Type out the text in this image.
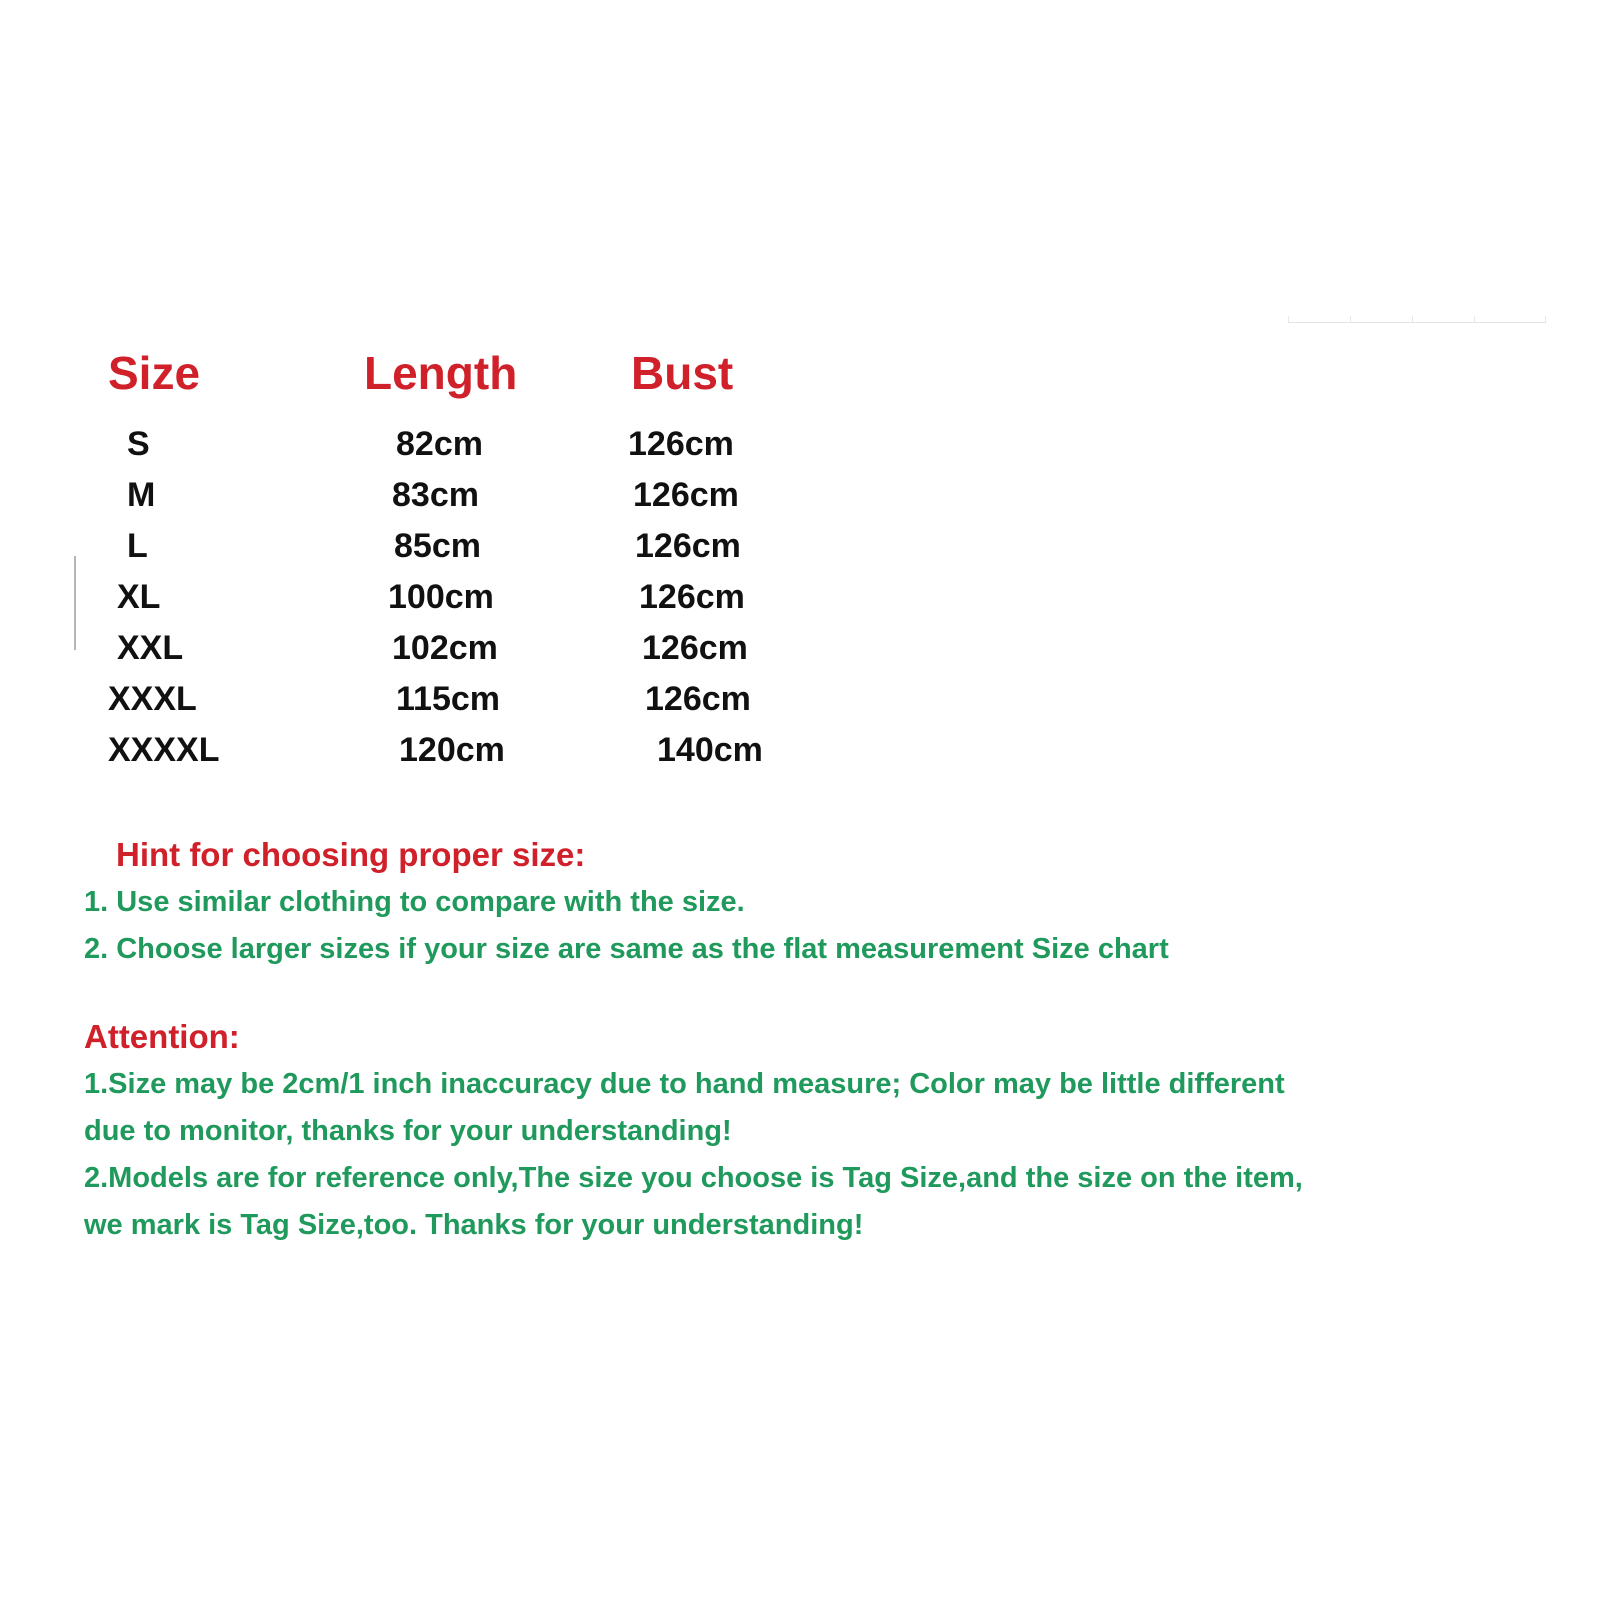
Size	Length Bust
S	82cm	126cm
M	83cm	126cm
L	85cm	126cm
XL	100cm	126cm
XXL	102cm	126cm
XXXL	115cm	126cm
XXXXL	120cm	140cm
Hint for choosing proper size:
1. Use similar clothing to compare with the size.
2. Choose larger sizes if your size are same as the flat measurement Size chart
Attention:
1.Size may be 2cm/1 inch inaccuracy due to hand measure; Color may be little different
due to monitor, thanks for your understanding!
2.Models are for reference only,The size you choose is Tag Size,and the size on the item,
we mark is Tag Size,too. Thanks for your understanding!
